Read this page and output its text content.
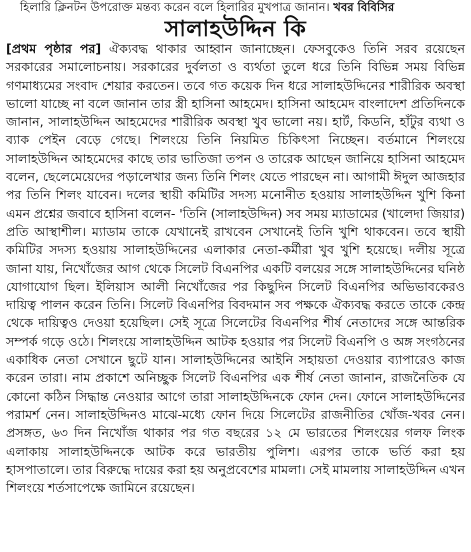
হিলারি ক্লিনটন উপরোক্ত মন্তব্য করেন বলে হিলারির মুখপাত্র জানান। খবর বিবিসির
সালাহউদ্দিন কি
[প্রথম পৃষ্ঠার পর] ঐক্যবদ্ধ থাকার আহ্বান জানাচ্ছেন। ফেসবুকেও তিনি সরব রয়েছেন সরকারের সমালোচনায়। সরকারের দুর্বলতা ও ব্যর্থতা তুলে ধরে তিনি বিভিন্ন সময় বিভিন্ন গণমাধ্যমের সংবাদ শেয়ার করতেন। তবে গত কয়েক দিন ধরে সালাহউদ্দিনের শারীরিক অবস্থা ভালো যাচ্ছে না বলে জানান তার স্ত্রী হাসিনা আহমেদ। হাসিনা আহমেদ বাংলাদেশ প্রতিদিনকে জানান, সালাহউদ্দিন আহমেদের শারীরিক অবস্থা খুব ভালো নয়। হার্ট, কিডনি, হাঁটুর ব্যথা ও ব্যাক পেইন বেড়ে গেছে। শিলংয়ে তিনি নিয়মিত চিকিৎসা নিচ্ছেন। বর্তমানে শিলংয়ে সালাহউদ্দিন আহমেদের কাছে তার ভাতিজা তপন ও তারেক আছেন জানিয়ে হাসিনা আহমেদ বলেন, ছেলেমেয়েদের পড়ালেখার জন্য তিনি শিলং যেতে পারছেন না। আগামী ঈদুল আজহার পর তিনি শিলং যাবেন। দলের স্থায়ী কমিটির সদস্য মনোনীত হওয়ায় সালাহউদ্দিন খুশি কিনা এমন প্রশ্নের জবাবে হাসিনা বলেন- 'তিনি (সালাহউদ্দিন) সব সময় ম্যাডামের (খালেদা জিয়ার) প্রতি আস্থাশীল। ম্যাডাম তাকে যেখানেই রাখবেন সেখানেই তিনি খুশি থাকবেন। তবে স্থায়ী কমিটির সদস্য হওয়ায় সালাহউদ্দিনের এলাকার নেতা-কর্মীরা খুব খুশি হয়েছে। দলীয় সূত্রে জানা যায়, নিখোঁজের আগ থেকে সিলেট বিএনপির একটি বলয়ের সঙ্গে সালাহউদ্দিনের ঘনিষ্ঠ যোগাযোগ ছিল। ইলিয়াস আলী নিখোঁজের পর কিছুদিন সিলেট বিএনপির অভিভাবকেরও দায়িত্ব পালন করেন তিনি। সিলেট বিএনপির বিবদমান সব পক্ষকে ঐক্যবদ্ধ করতে তাকে কেন্দ্র থেকে দায়িত্বও দেওয়া হয়েছিল। সেই সূত্রে সিলেটের বিএনপির শীর্ষ নেতাদের সঙ্গে আন্তরিক সম্পর্ক গড়ে ওঠে। শিলংয়ে সালাহউদ্দিন আটক হওয়ার পর সিলেট বিএনপি ও অঙ্গ সংগঠনের একাধিক নেতা সেখানে ছুটে যান। সালাহউদ্দিনের আইনি সহায়তা দেওয়ার ব্যাপারেও কাজ করেন তারা। নাম প্রকাশে অনিচ্ছুক সিলেট বিএনপির এক শীর্ষ নেতা জানান, রাজনৈতিক যে কোনো কঠিন সিদ্ধান্ত নেওয়ার আগে তারা সালাহউদ্দিনকে ফোন দেন। ফোনে সালাহউদ্দিনের পরামর্শ নেন। সালাহউদ্দিনও মাঝে-মধ্যে ফোন দিয়ে সিলেটের রাজনীতির খোঁজ-খবর নেন। প্রসঙ্গত, ৬৩ দিন নিখোঁজ থাকার পর গত বছরের ১২ মে ভারতের শিলংয়ের গলফ লিংক এলাকায় সালাহউদ্দিনকে আটক করে ভারতীয় পুলিশ। এরপর তাকে ভর্তি করা হয় হাসপাতালে। তার বিরুদ্ধে দায়ের করা হয় অনুপ্রবেশের মামলা। সেই মামলায় সালাহউদ্দিন এখন শিলংয়ে শর্তসাপেক্ষে জামিনে রয়েছেন।
